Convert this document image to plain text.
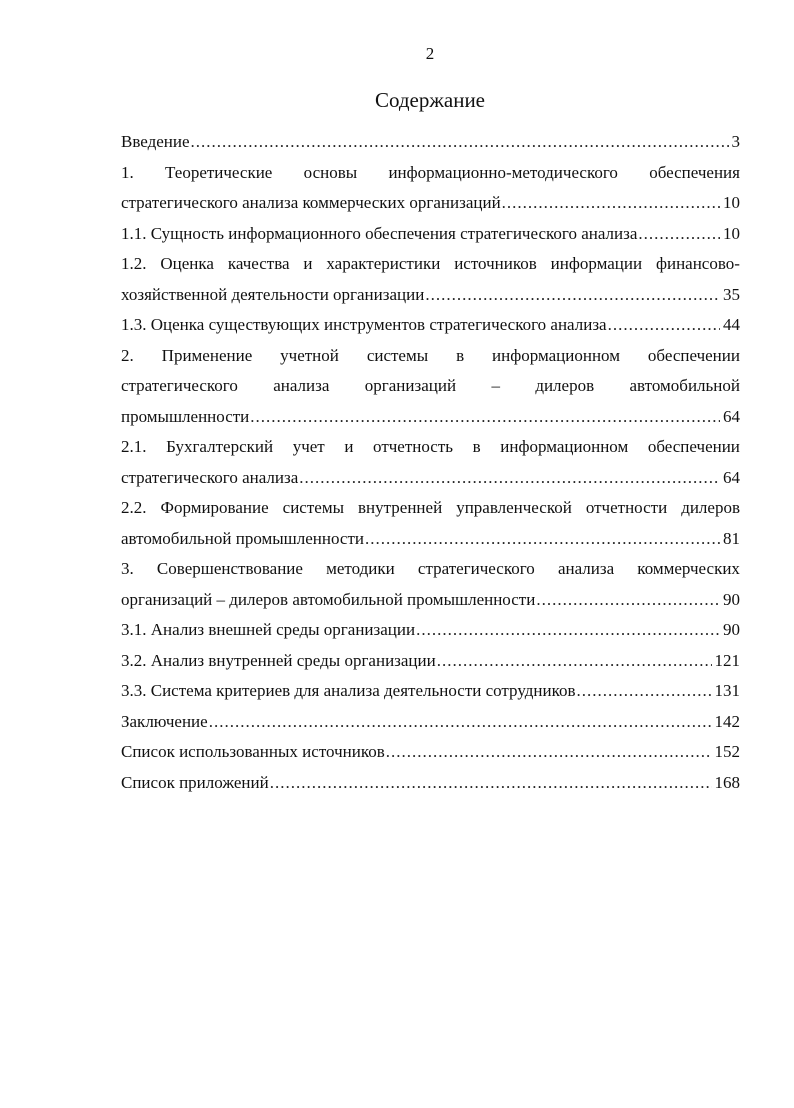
2
Содержание
Введение .....	3
1. Теоретические основы информационно-методического обеспечения
стратегического анализа коммерческих организаций .....	10
1.1. Сущность информационного обеспечения стратегического анализа .....	10
1.2. Оценка качества и характеристики источников информации финансово-
хозяйственной деятельности организации .....	35
1.3. Оценка существующих инструментов стратегического анализа .....	44
2. Применение учетной системы в информационном обеспечении
стратегического анализа организаций – дилеров автомобильной
промышленности .....	64
2.1. Бухгалтерский учет и отчетность в информационном обеспечении
стратегического анализа .....	64
2.2. Формирование системы внутренней управленческой отчетности дилеров
автомобильной промышленности .....	81
3. Совершенствование методики стратегического анализа коммерческих
организаций – дилеров автомобильной промышленности .....	90
3.1. Анализ внешней среды организации .....	90
3.2. Анализ внутренней среды организации .....	121
3.3. Система критериев для анализа деятельности сотрудников .....	131
Заключение .....	142
Список использованных источников .....	152
Список приложений .....	168
